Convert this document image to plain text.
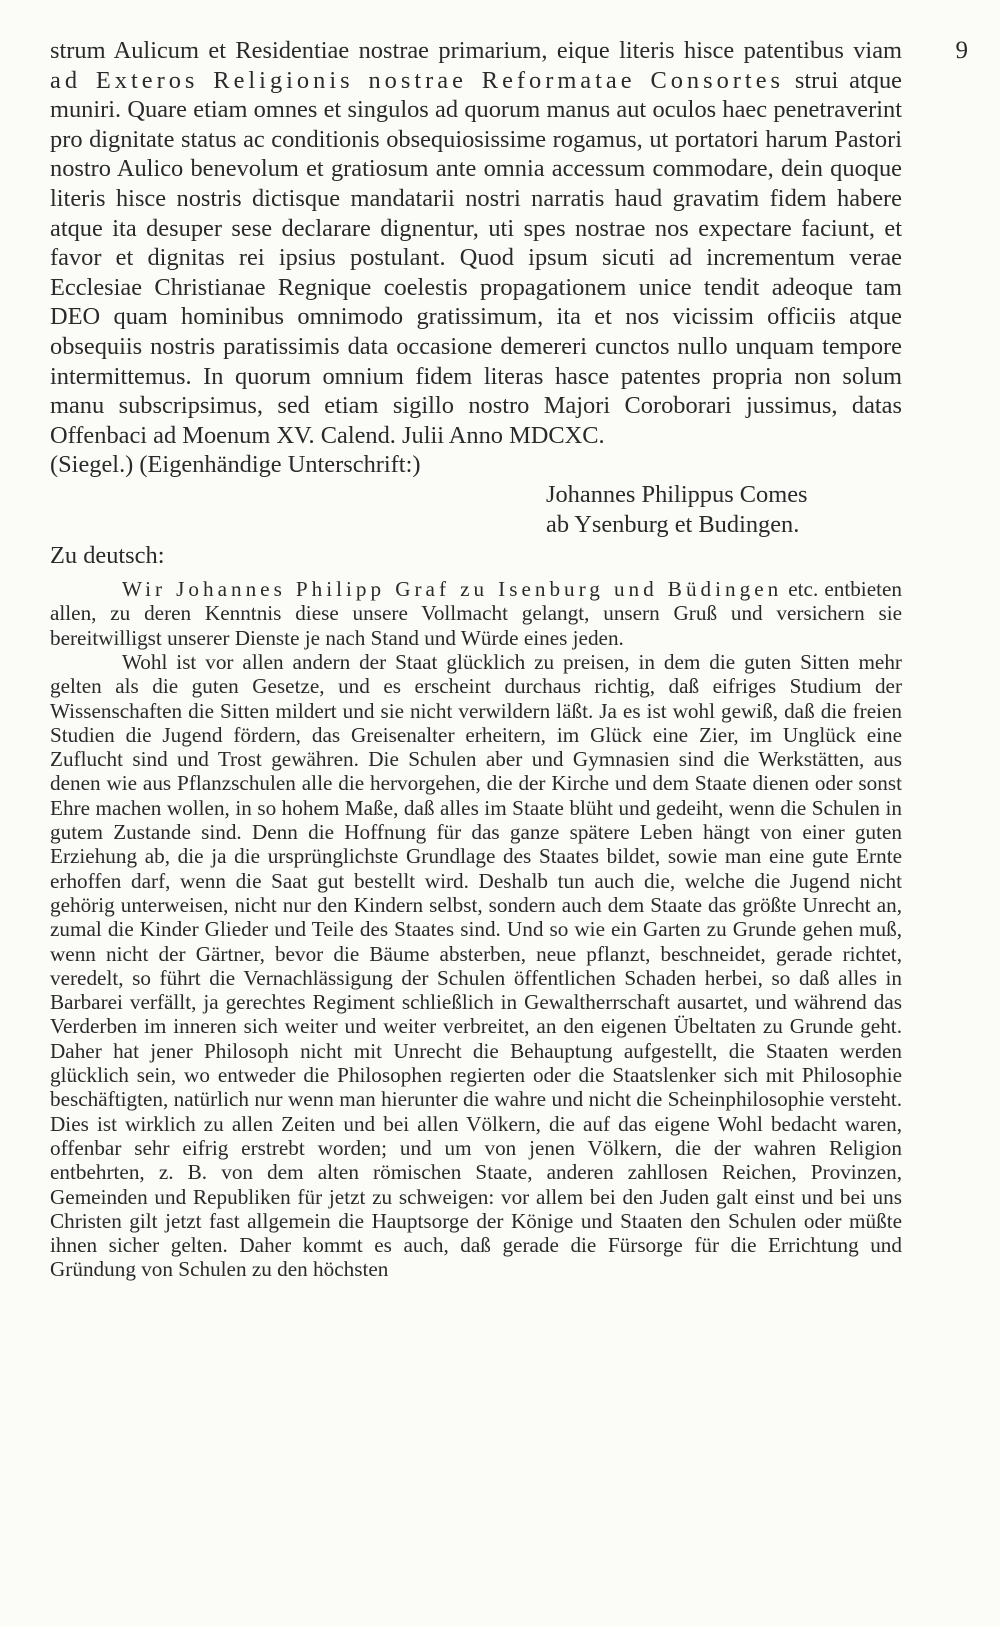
9

strum Aulicum et Residentiae nostrae primarium, eique literis hisce patentibus viam ad Exteros Religionis nostrae Reformatae Consortes strui atque muniri. Quare etiam omnes et singulos ad quorum manus aut oculos haec penetraverint pro dignitate status ac conditionis obsequiosissime rogamus, ut portatori harum Pastori nostro Aulico benevolum et gratiosum ante omnia accessum commodare, dein quoque literis hisce nostris dictisque mandatarii nostri narratis haud gravatim fidem habere atque ita desuper sese declarare dignentur, uti spes nostrae nos expectare faciunt, et favor et dignitas rei ipsius postulant. Quod ipsum sicuti ad incrementum verae Ecclesiae Christianae Regnique coelestis propagationem unice tendit adeoque tam DEO quam hominibus omnimodo gratissimum, ita et nos vicissim officiis atque obsequiis nostris paratissimis data occasione demereri cunctos nullo unquam tempore intermittemus. In quorum omnium fidem literas hasce patentes propria non solum manu subscripsimus, sed etiam sigillo nostro Majori Coroborari jussimus, datas Offenbaci ad Moenum XV. Calend. Julii Anno MDCXC.

(Siegel.) (Eigenhändige Unterschrift:)
Johannes Philippus Comes
ab Ysenburg et Budingen.
Zu deutsch:

Wir Johannes Philipp Graf zu Isenburg und Büdingen etc. entbieten allen, zu deren Kenntnis diese unsere Vollmacht gelangt, unsern Gruß und versichern sie bereitwilligst unserer Dienste je nach Stand und Würde eines jeden.

Wohl ist vor allen andern der Staat glücklich zu preisen, in dem die guten Sitten mehr gelten als die guten Gesetze, und es erscheint durchaus richtig, daß eifriges Studium der Wissenschaften die Sitten mildert und sie nicht verwildern läßt. Ja es ist wohl gewiß, daß die freien Studien die Jugend fördern, das Greisenalter erheitern, im Glück eine Zier, im Unglück eine Zuflucht sind und Trost gewähren. Die Schulen aber und Gymnasien sind die Werkstätten, aus denen wie aus Pflanzschulen alle die hervorgehen, die der Kirche und dem Staate dienen oder sonst Ehre machen wollen, in so hohem Maße, daß alles im Staate blüht und gedeiht, wenn die Schulen in gutem Zustande sind. Denn die Hoffnung für das ganze spätere Leben hängt von einer guten Erziehung ab, die ja die ursprünglichste Grundlage des Staates bildet, sowie man eine gute Ernte erhoffen darf, wenn die Saat gut bestellt wird. Deshalb tun auch die, welche die Jugend nicht gehörig unterweisen, nicht nur den Kindern selbst, sondern auch dem Staate das größte Unrecht an, zumal die Kinder Glieder und Teile des Staates sind. Und so wie ein Garten zu Grunde gehen muß, wenn nicht der Gärtner, bevor die Bäume absterben, neue pflanzt, beschneidet, gerade richtet, veredelt, so führt die Vernachlässigung der Schulen öffentlichen Schaden herbei, so daß alles in Barbarei verfällt, ja gerechtes Regiment schließlich in Gewaltherrschaft ausartet, und während das Verderben im inneren sich weiter und weiter verbreitet, an den eigenen Übeltaten zu Grunde geht. Daher hat jener Philosoph nicht mit Unrecht die Behauptung aufgestellt, die Staaten werden glücklich sein, wo entweder die Philosophen regierten oder die Staatslenker sich mit Philosophie beschäftigten, natürlich nur wenn man hierunter die wahre und nicht die Scheinphilosophie versteht. Dies ist wirklich zu allen Zeiten und bei allen Völkern, die auf das eigene Wohl bedacht waren, offenbar sehr eifrig erstrebt worden; und um von jenen Völkern, die der wahren Religion entbehrten, z. B. von dem alten römischen Staate, anderen zahllosen Reichen, Provinzen, Gemeinden und Republiken für jetzt zu schweigen: vor allem bei den Juden galt einst und bei uns Christen gilt jetzt fast allgemein die Hauptsorge der Könige und Staaten den Schulen oder müßte ihnen sicher gelten. Daher kommt es auch, daß gerade die Fürsorge für die Errichtung und Gründung von Schulen zu den höchsten
